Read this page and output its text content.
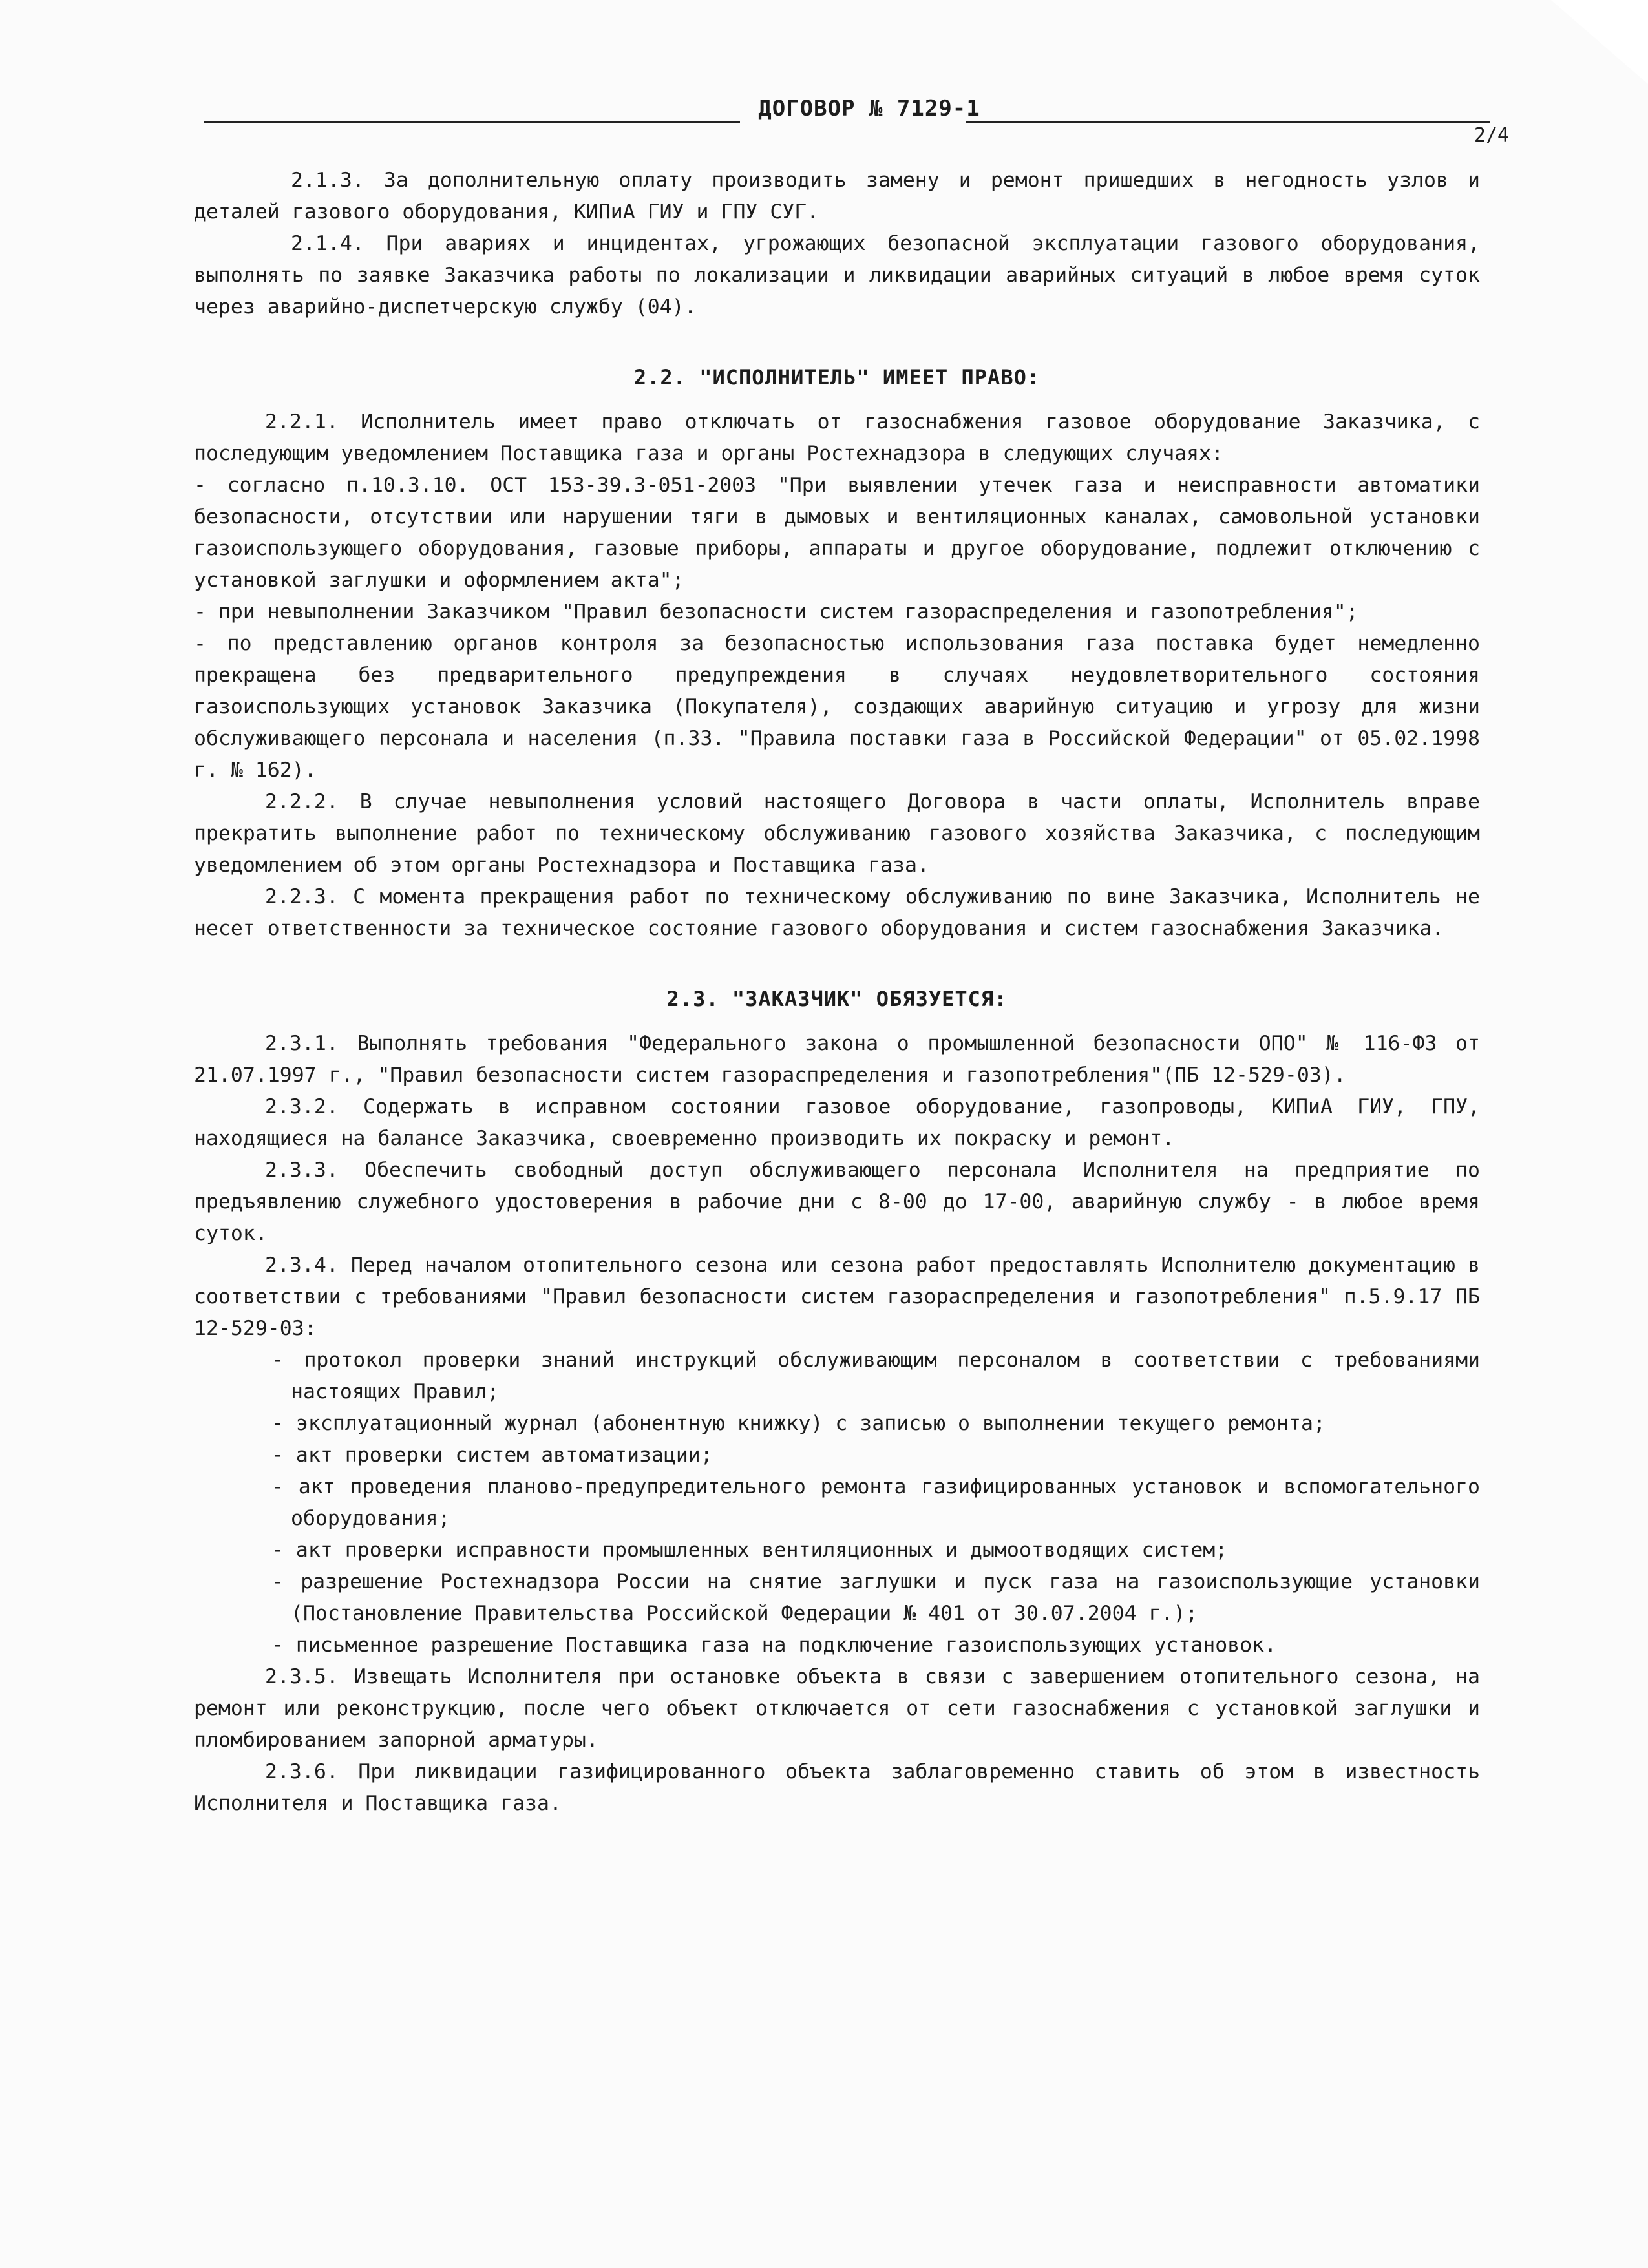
ДОГОВОР № 7129-1
2/4

2.1.3. За дополнительную оплату производить замену и ремонт пришедших в негодность узлов и деталей газового оборудования, КИПиА ГИУ и ГПУ СУГ.

2.1.4. При авариях и инцидентах, угрожающих безопасной эксплуатации газового оборудования, выполнять по заявке Заказчика работы по локализации и ликвидации аварийных ситуаций в любое время суток через аварийно-диспетчерскую службу (04).

2.2. "ИСПОЛНИТЕЛЬ" ИМЕЕТ ПРАВО:

2.2.1. Исполнитель имеет право отключать от газоснабжения газовое оборудование Заказчика, с последующим уведомлением Поставщика газа и органы Ростехнадзора в следующих случаях:

- согласно п.10.3.10. ОСТ 153-39.3-051-2003 "При выявлении утечек газа и неисправности автоматики безопасности, отсутствии или нарушении тяги в дымовых и вентиляционных каналах, самовольной установки газоиспользующего оборудования, газовые приборы, аппараты и другое оборудование, подлежит отключению с установкой заглушки и оформлением акта";

- при невыполнении Заказчиком "Правил безопасности систем газораспределения и газопотребления";

- по представлению органов контроля за безопасностью использования газа поставка будет немедленно прекращена без предварительного предупреждения в случаях неудовлетворительного состояния газоиспользующих установок Заказчика (Покупателя), создающих аварийную ситуацию и угрозу для жизни обслуживающего персонала и населения (п.33. "Правила поставки газа в Российской Федерации" от 05.02.1998 г. № 162).

2.2.2. В случае невыполнения условий настоящего Договора в части оплаты, Исполнитель вправе прекратить выполнение работ по техническому обслуживанию газового хозяйства Заказчика, с последующим уведомлением об этом органы Ростехнадзора и Поставщика газа.

2.2.3. С момента прекращения работ по техническому обслуживанию по вине Заказчика, Исполнитель не несет ответственности за техническое состояние газового оборудования и систем газоснабжения Заказчика.

2.3. "ЗАКАЗЧИК" ОБЯЗУЕТСЯ:

2.3.1. Выполнять требования "Федерального закона о промышленной безопасности ОПО" № 116-ФЗ от 21.07.1997 г., "Правил безопасности систем газораспределения и газопотребления"(ПБ 12-529-03).

2.3.2. Содержать в исправном состоянии газовое оборудование, газопроводы, КИПиА ГИУ, ГПУ, находящиеся на балансе Заказчика, своевременно производить их покраску и ремонт.

2.3.3. Обеспечить свободный доступ обслуживающего персонала Исполнителя на предприятие по предъявлению служебного удостоверения в рабочие дни с 8-00 до 17-00, аварийную службу - в любое время суток.

2.3.4. Перед началом отопительного сезона или сезона работ предоставлять Исполнителю документацию в соответствии с требованиями "Правил безопасности систем газораспределения и газопотребления" п.5.9.17 ПБ 12-529-03:

- протокол проверки знаний инструкций обслуживающим персоналом в соответствии с требованиями настоящих Правил;

- эксплуатационный журнал (абонентную книжку) с записью о выполнении текущего ремонта;

- акт проверки систем автоматизации;

- акт проведения планово-предупредительного ремонта газифицированных установок и вспомогательного оборудования;

- акт проверки исправности промышленных вентиляционных и дымоотводящих систем;

- разрешение Ростехнадзора России на снятие заглушки и пуск газа на газоиспользующие установки (Постановление Правительства Российской Федерации № 401 от 30.07.2004 г.);

- письменное разрешение Поставщика газа на подключение газоиспользующих установок.

2.3.5. Извещать Исполнителя при остановке объекта в связи с завершением отопительного сезона, на ремонт или реконструкцию, после чего объект отключается от сети газоснабжения с установкой заглушки и пломбированием запорной арматуры.

2.3.6. При ликвидации газифицированного объекта заблаговременно ставить об этом в известность Исполнителя и Поставщика газа.
